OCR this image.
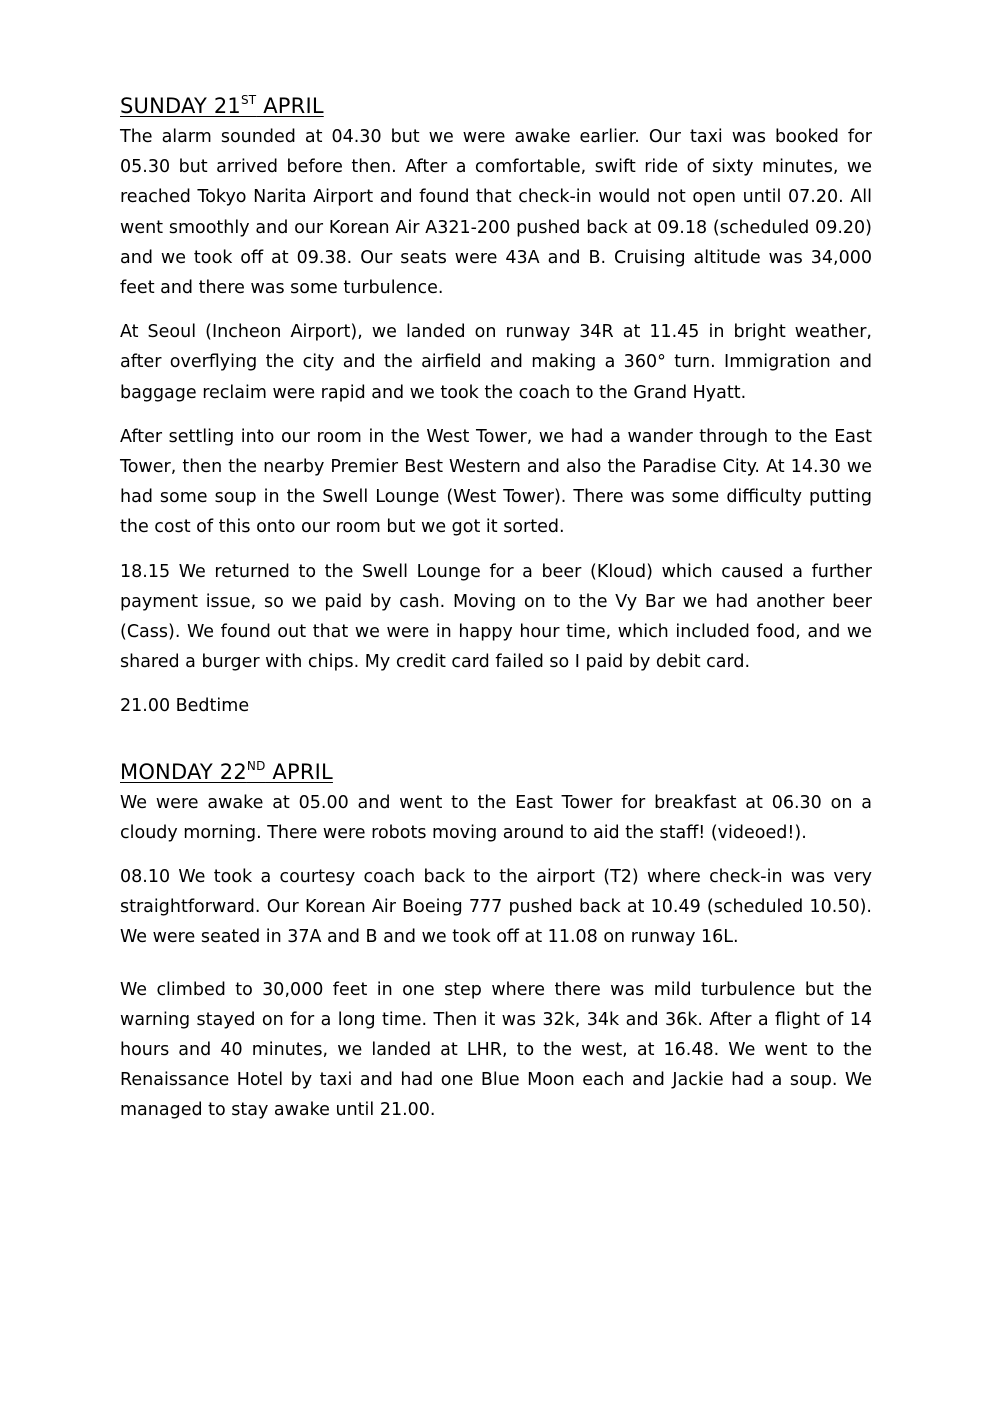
SUNDAY 21ST APRIL

The alarm sounded at 04.30 but we were awake earlier. Our taxi was booked for 05.30 but arrived before then. After a comfortable, swift ride of sixty minutes, we reached Tokyo Narita Airport and found that check-in would not open until 07.20. All went smoothly and our Korean Air A321-200 pushed back at 09.18 (scheduled 09.20) and we took off at 09.38. Our seats were 43A and B. Cruising altitude was 34,000 feet and there was some turbulence.

At Seoul (Incheon Airport), we landed on runway 34R at 11.45 in bright weather, after overflying the city and the airfield and making a 360° turn. Immigration and baggage reclaim were rapid and we took the coach to the Grand Hyatt.

After settling into our room in the West Tower, we had a wander through to the East Tower, then the nearby Premier Best Western and also the Paradise City. At 14.30 we had some soup in the Swell Lounge (West Tower). There was some difficulty putting the cost of this onto our room but we got it sorted.

18.15 We returned to the Swell Lounge for a beer (Kloud) which caused a further payment issue, so we paid by cash. Moving on to the Vy Bar we had another beer (Cass). We found out that we were in happy hour time, which included food, and we shared a burger with chips. My credit card failed so I paid by debit card.

21.00 Bedtime

MONDAY 22ND APRIL

We were awake at 05.00 and went to the East Tower for breakfast at 06.30 on a cloudy morning. There were robots moving around to aid the staff! (videoed!).

08.10 We took a courtesy coach back to the airport (T2) where check-in was very straightforward. Our Korean Air Boeing 777 pushed back at 10.49 (scheduled 10.50). We were seated in 37A and B and we took off at 11.08 on runway 16L.

We climbed to 30,000 feet in one step where there was mild turbulence but the warning stayed on for a long time. Then it was 32k, 34k and 36k. After a flight of 14 hours and 40 minutes, we landed at LHR, to the west, at 16.48. We went to the Renaissance Hotel by taxi and had one Blue Moon each and Jackie had a soup. We managed to stay awake until 21.00.
